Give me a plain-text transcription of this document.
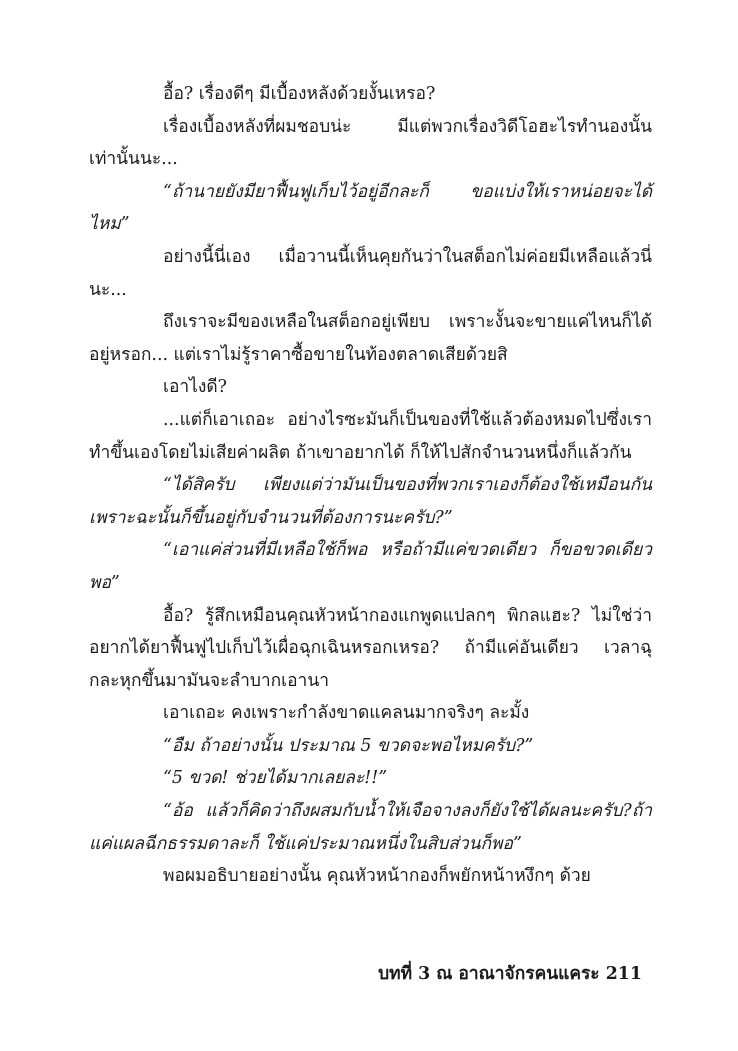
อื้อ? เรื่องดีๆ มีเบื้องหลังด้วยงั้นเหรอ?

เรื่องเบื้องหลังที่ผมชอบน่ะ มีแต่พวกเรื่องวิดีโอฮะไรทำนองนั้นเท่านั้นนะ...

“ถ้านายยังมียาฟื้นฟูเก็บไว้อยู่อีกละก็ ขอแบ่งให้เราหน่อยจะได้ไหม”

อย่างนี้นี่เอง เมื่อวานนี้เห็นคุยกันว่าในสต็อกไม่ค่อยมีเหลือแล้วนี่นะ...

ถึงเราจะมีของเหลือในสต็อกอยู่เพียบ เพราะงั้นจะขายแค่ไหนก็ได้อยู่หรอก... แต่เราไม่รู้ราคาซื้อขายในท้องตลาดเสียด้วยสิ

เอาไงดี?

...แต่ก็เอาเถอะ อย่างไรซะมันก็เป็นของที่ใช้แล้วต้องหมดไปซึ่งเราทำขึ้นเองโดยไม่เสียค่าผลิต ถ้าเขาอยากได้ ก็ให้ไปสักจำนวนหนึ่งก็แล้วกัน

“ได้สิครับ เพียงแต่ว่ามันเป็นของที่พวกเราเองก็ต้องใช้เหมือนกันเพราะฉะนั้นก็ขึ้นอยู่กับจำนวนที่ต้องการนะครับ?”

“เอาแค่ส่วนที่มีเหลือใช้ก็พอ หรือถ้ามีแค่ขวดเดียว ก็ขอขวดเดียวพอ”

อื้อ? รู้สึกเหมือนคุณหัวหน้ากองแกพูดแปลกๆ พิกลแฮะ? ไม่ใช่ว่าอยากได้ยาฟื้นฟูไปเก็บไว้เผื่อฉุกเฉินหรอกเหรอ? ถ้ามีแค่อันเดียว เวลาฉุกละหุกขึ้นมามันจะลำบากเอานา

เอาเถอะ คงเพราะกำลังขาดแคลนมากจริงๆ ละมั้ง

“อืม ถ้าอย่างนั้น ประมาณ 5 ขวดจะพอไหมครับ?”

“5 ขวด! ช่วยได้มากเลยละ!!”

“อ้อ แล้วก็คิดว่าถึงผสมกับน้ำให้เจือจางลงก็ยังใช้ได้ผลนะครับ?ถ้าแค่แผลฉีกธรรมดาละก็ ใช้แค่ประมาณหนึ่งในสิบส่วนก็พอ”

พอผมอธิบายอย่างนั้น คุณหัวหน้ากองก็พยักหน้าหงึกๆ ด้วย

บทที่ 3 ณ อาณาจักรคนแคระ 211
